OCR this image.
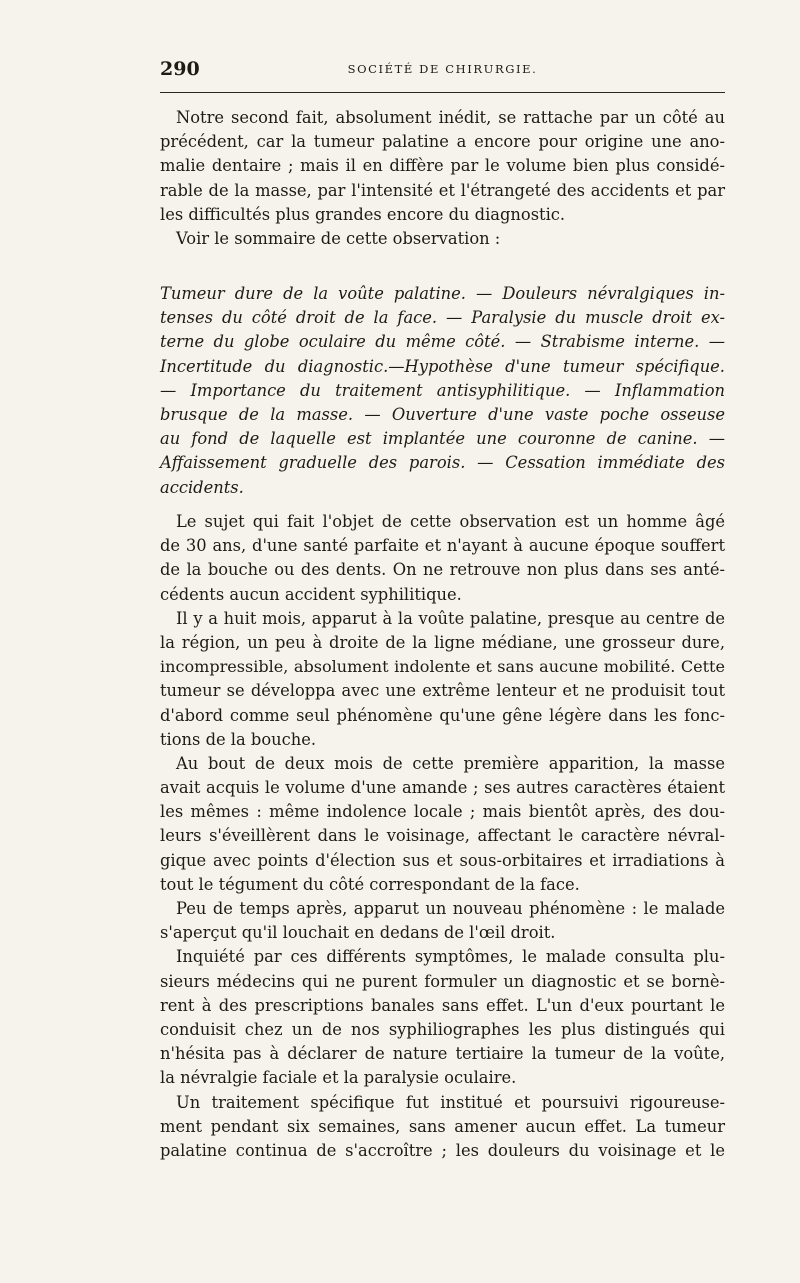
290	SOCIÉTÉ DE CHIRURGIE.
Notre second fait, absolument inédit, se rattache par un côté au
précédent, car la tumeur palatine a encore pour origine une ano-
malie dentaire ; mais il en diffère par le volume bien plus considé-
rable de la masse, par l'intensité et l'étrangeté des accidents et par
les difficultés plus grandes encore du diagnostic.
Voir le sommaire de cette observation :
Tumeur dure de la voûte palatine. — Douleurs névralgiques in-
tenses du côté droit de la face. — Paralysie du muscle droit ex-
terne du globe oculaire du même côté. — Strabisme interne. —
Incertitude du diagnostic.—Hypothèse d'une tumeur spécifique.
— Importance du traitement antisyphilitique. — Inflammation
brusque de la masse. — Ouverture d'une vaste poche osseuse
au fond de laquelle est implantée une couronne de canine. —
Affaissement graduelle des parois. — Cessation immédiate des
accidents.
Le sujet qui fait l'objet de cette observation est un homme âgé
de 30 ans, d'une santé parfaite et n'ayant à aucune époque souffert
de la bouche ou des dents. On ne retrouve non plus dans ses anté-
cédents aucun accident syphilitique.
Il y a huit mois, apparut à la voûte palatine, presque au centre de
la région, un peu à droite de la ligne médiane, une grosseur dure,
incompressible, absolument indolente et sans aucune mobilité. Cette
tumeur se développa avec une extrême lenteur et ne produisit tout
d'abord comme seul phénomène qu'une gêne légère dans les fonc-
tions de la bouche.
Au bout de deux mois de cette première apparition, la masse
avait acquis le volume d'une amande ; ses autres caractères étaient
les mêmes : même indolence locale ; mais bientôt après, des dou-
leurs s'éveillèrent dans le voisinage, affectant le caractère névral-
gique avec points d'élection sus et sous-orbitaires et irradiations à
tout le tégument du côté correspondant de la face.
Peu de temps après, apparut un nouveau phénomène : le malade
s'aperçut qu'il louchait en dedans de l'œil droit.
Inquiété par ces différents symptômes, le malade consulta plu-
sieurs médecins qui ne purent formuler un diagnostic et se bornè-
rent à des prescriptions banales sans effet. L'un d'eux pourtant le
conduisit chez un de nos syphiliographes les plus distingués qui
n'hésita pas à déclarer de nature tertiaire la tumeur de la voûte,
la névralgie faciale et la paralysie oculaire.
Un traitement spécifique fut institué et poursuivi rigoureuse-
ment pendant six semaines, sans amener aucun effet. La tumeur
palatine continua de s'accroître ; les douleurs du voisinage et le
